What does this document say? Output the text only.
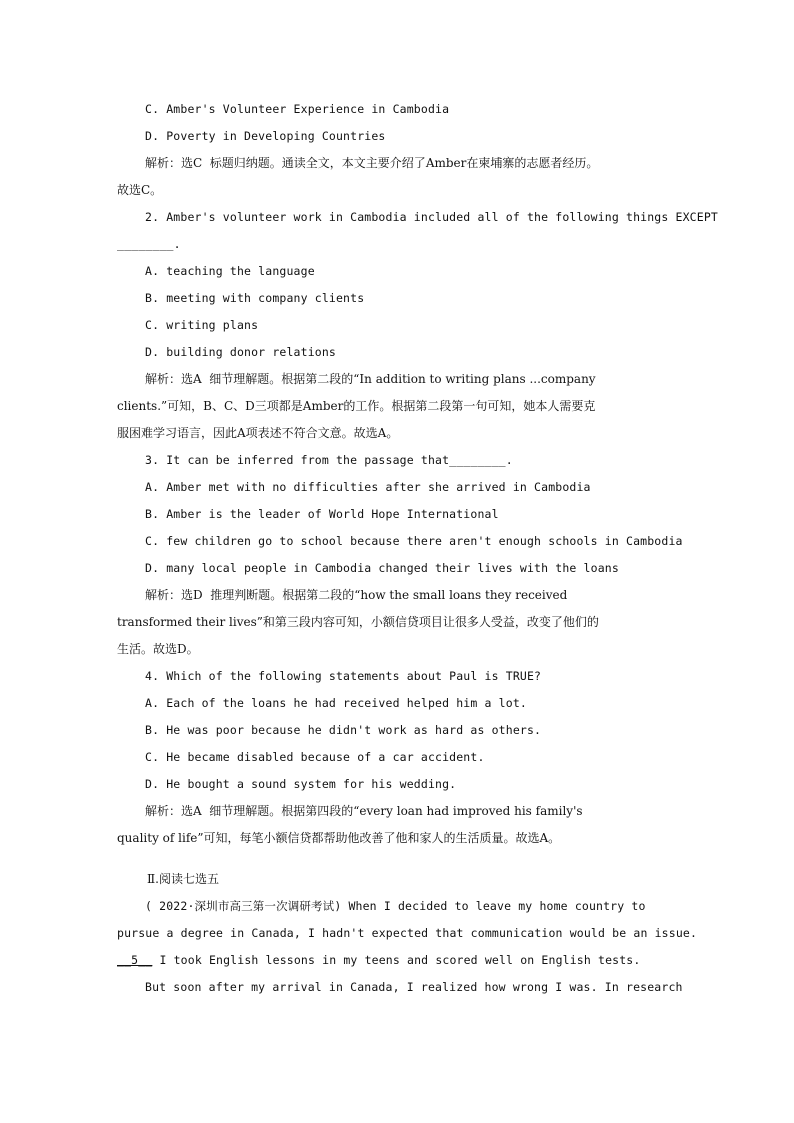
C. Amber's Volunteer Experience in Cambodia
D. Poverty in Developing Countries
解析：选C  标题归纳题。通读全文，本文主要介绍了Amber在柬埔寨的志愿者经历。
故选C。
2. Amber's volunteer work in Cambodia included all of the following things EXCEPT
________.
A. teaching the language
B. meeting with company clients
C. writing plans
D. building donor relations
解析：选A  细节理解题。根据第二段的“In addition to writing plans ...company
clients.”可知，B、C、D三项都是Amber的工作。根据第二段第一句可知，她本人需要克
服困难学习语言，因此A项表述不符合文意。故选A。
3. It can be inferred from the passage that________.
A. Amber met with no difficulties after she arrived in Cambodia
B. Amber is the leader of World Hope International
C. few children go to school because there aren't enough schools in Cambodia
D. many local people in Cambodia changed their lives with the loans
解析：选D  推理判断题。根据第二段的“how the small loans they received
transformed their lives”和第三段内容可知，小额信贷项目让很多人受益，改变了他们的
生活。故选D。
4. Which of the following statements about Paul is TRUE?
A. Each of the loans he had received helped him a lot.
B. He was poor because he didn't work as hard as others.
C. He became disabled because of a car accident.
D. He bought a sound system for his wedding.
解析：选A  细节理解题。根据第四段的“every loan had improved his family's
quality of life”可知，每笔小额信贷都帮助他改善了他和家人的生活质量。故选A。
Ⅱ.阅读七选五
( 2022·深圳市高三第一次调研考试) When I decided to leave my home country to
pursue a degree in Canada, I hadn't expected that communication would be an issue.
__5__ I took English lessons in my teens and scored well on English tests.
But soon after my arrival in Canada, I realized how wrong I was. In research
